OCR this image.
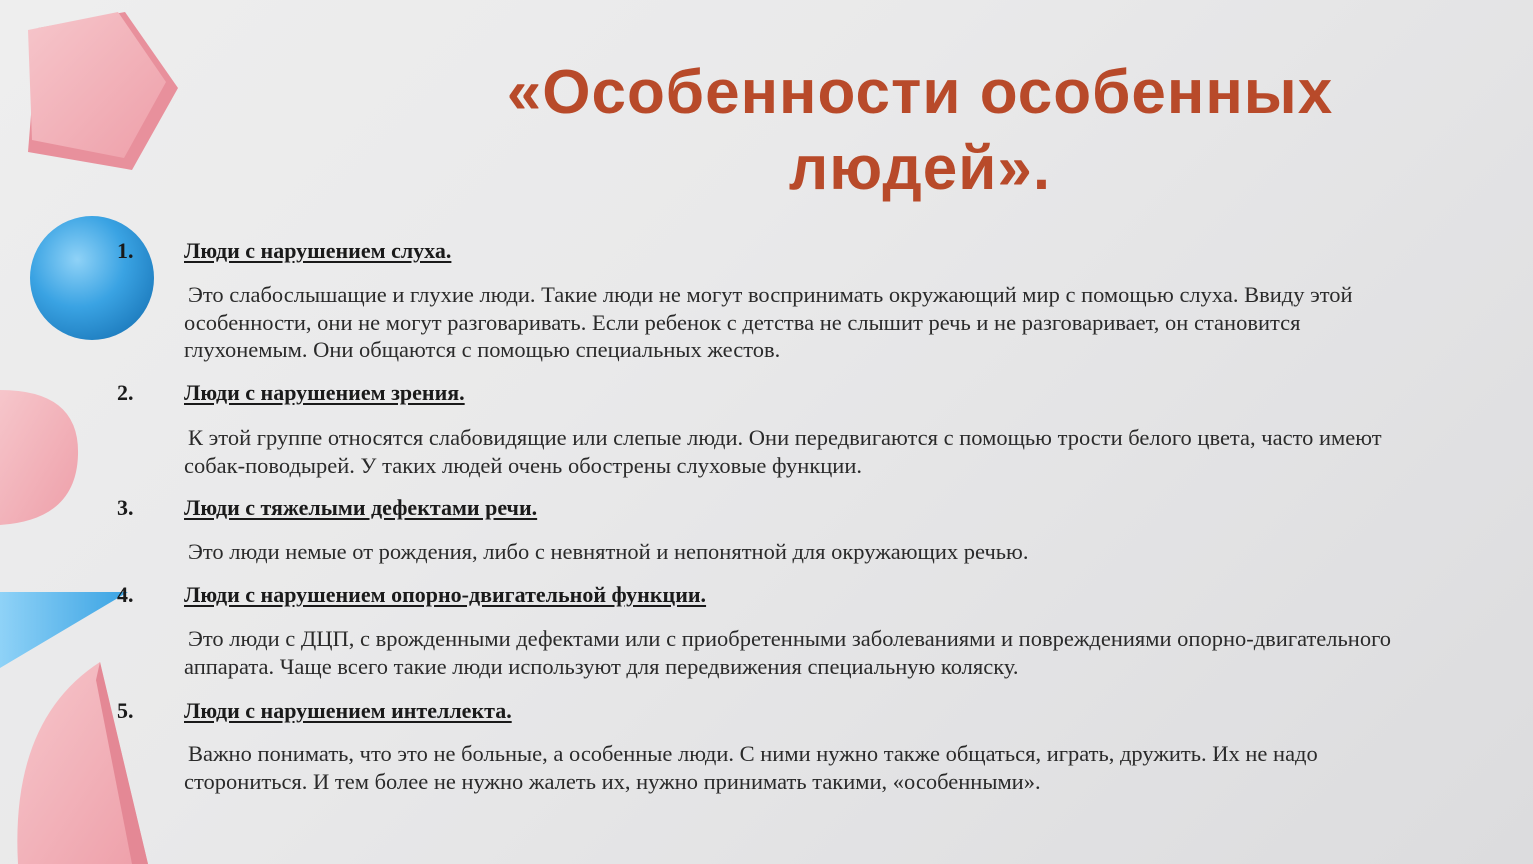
«Особенности особенных людей».
1. Люди с нарушением слуха.
Это слабослышащие и глухие люди. Такие люди не могут воспринимать окружающий мир с помощью слуха. Ввиду этой особенности, они не могут разговаривать. Если ребенок с детства не слышит речь и не разговаривает, он становится глухонемым. Они общаются с помощью специальных жестов.
2. Люди с нарушением зрения.
К этой группе относятся слабовидящие или слепые люди. Они передвигаются с помощью трости белого цвета, часто имеют собак-поводырей. У таких людей очень обострены слуховые функции.
3. Люди с тяжелыми дефектами речи.
Это люди немые от рождения, либо с невнятной и непонятной для окружающих речью.
4. Люди с нарушением опорно-двигательной функции.
Это люди с ДЦП, с врожденными дефектами или с приобретенными заболеваниями и повреждениями опорно-двигательного аппарата. Чаще всего такие люди используют для передвижения специальную коляску.
5. Люди с нарушением интеллекта.
Важно понимать, что это не больные, а особенные люди. С ними нужно также общаться, играть, дружить. Их не надо сторониться. И тем более не нужно жалеть их, нужно принимать такими, «особенными».
